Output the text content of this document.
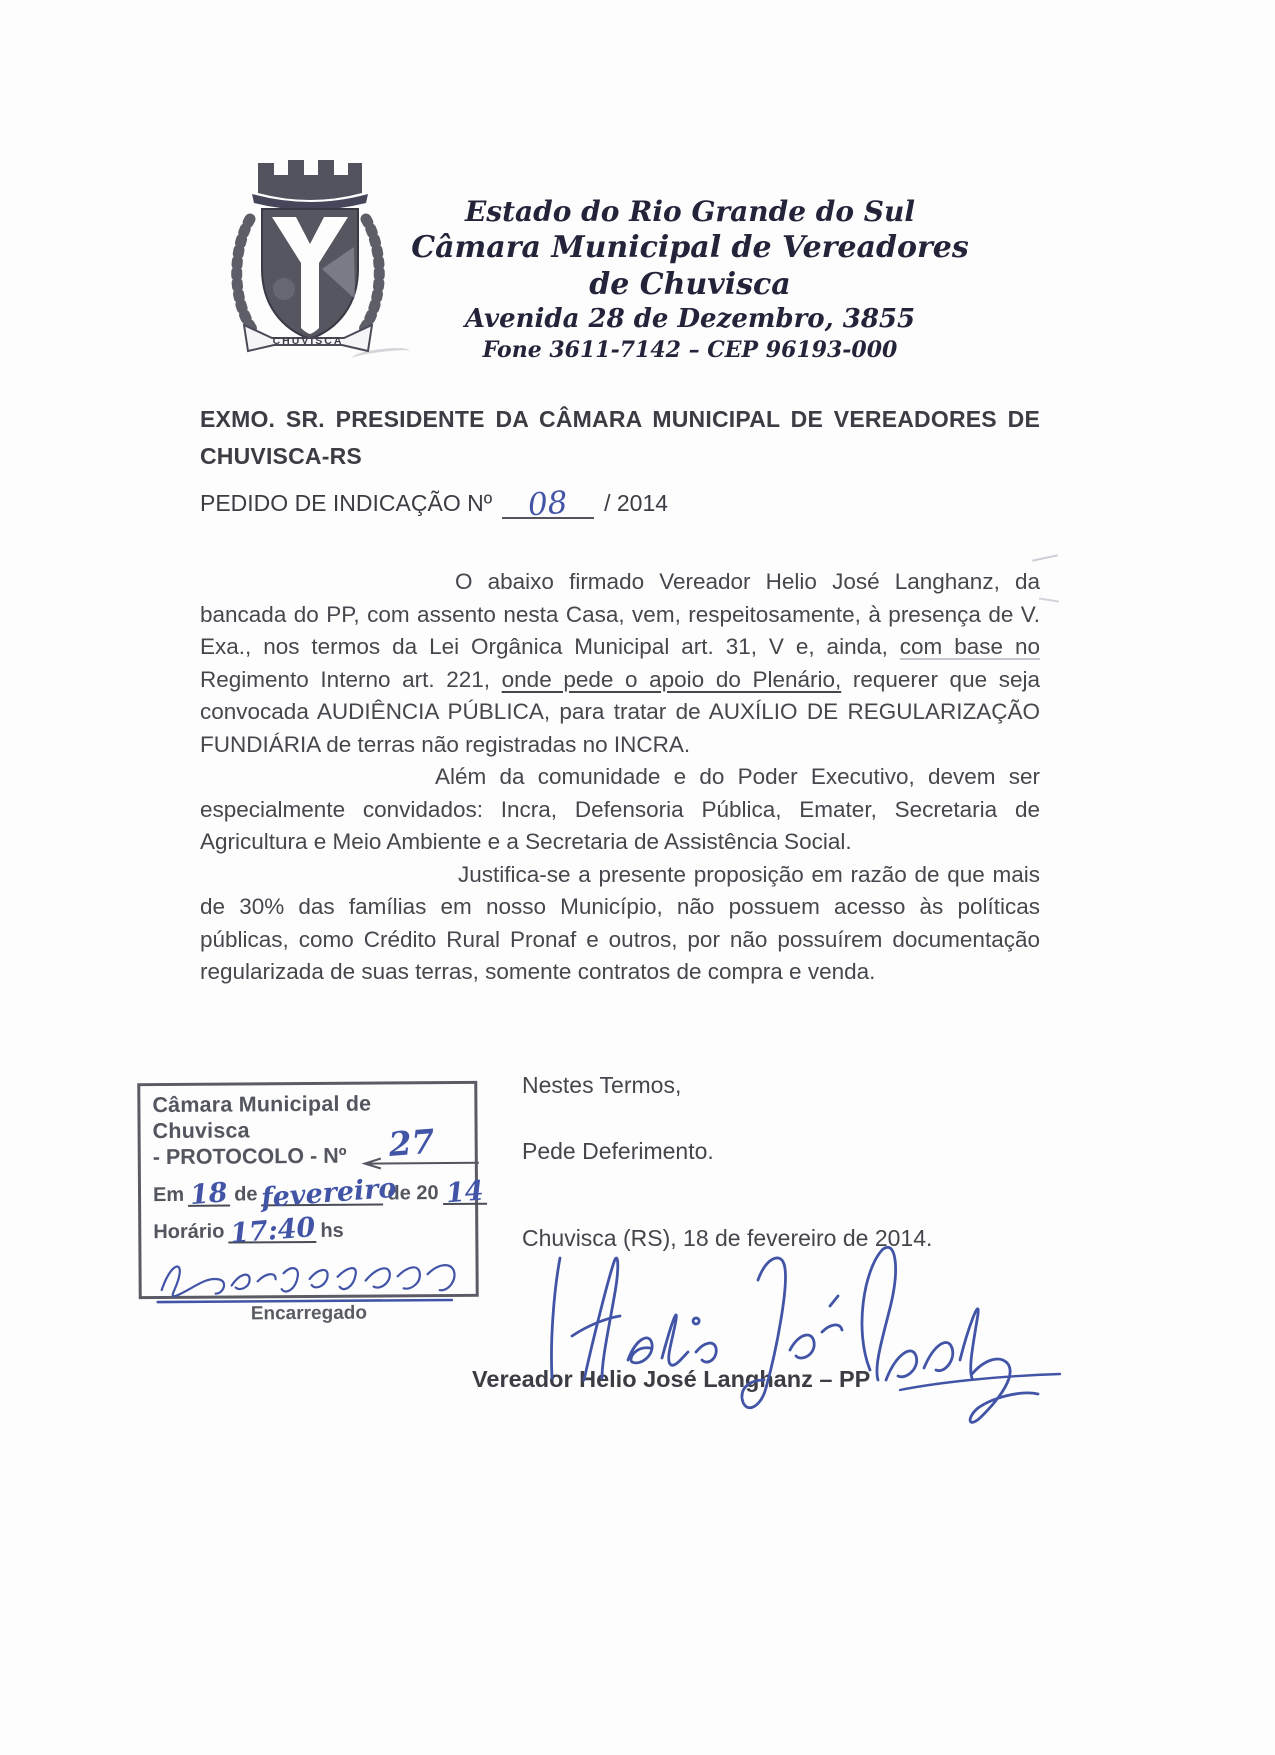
CHUVISCA
Estado do Rio Grande do Sul
Câmara Municipal de Vereadores de Chuvisca
Avenida 28 de Dezembro, 3855
Fone 3611-7142 – CEP 96193-000
EXMO. SR. PRESIDENTE DA CÂMARA MUNICIPAL DE VEREADORES DE CHUVISCA-RS
PEDIDO DE INDICAÇÃO Nº 08 / 2014

O abaixo firmado Vereador Helio José Langhanz, da bancada do PP, com assento nesta Casa, vem, respeitosamente, à presença de V. Exa., nos termos da Lei Orgânica Municipal art. 31, V e, ainda, com base no Regimento Interno art. 221, onde pede o apoio do Plenário, requerer que seja convocada AUDIÊNCIA PÚBLICA, para tratar de AUXÍLIO DE REGULARIZAÇÃO FUNDIÁRIA de terras não registradas no INCRA.

Além da comunidade e do Poder Executivo, devem ser especialmente convidados: Incra, Defensoria Pública, Emater, Secretaria de Agricultura e Meio Ambiente e a Secretaria de Assistência Social.

Justifica-se a presente proposição em razão de que mais de 30% das famílias em nosso Município, não possuem acesso às políticas públicas, como Crédito Rural Pronaf e outros, por não possuírem documentação regularizada de suas terras, somente contratos de compra e venda.

Câmara Municipal de Chuvisca
- PROTOCOLO - Nº 27
Em 18 de fevereirode 20 14
Horário 17:40 hs
Encarregado
Nestes Termos,
Pede Deferimento.
Chuvisca (RS), 18 de fevereiro de 2014.
Vereador Helio José Langhanz – PP
